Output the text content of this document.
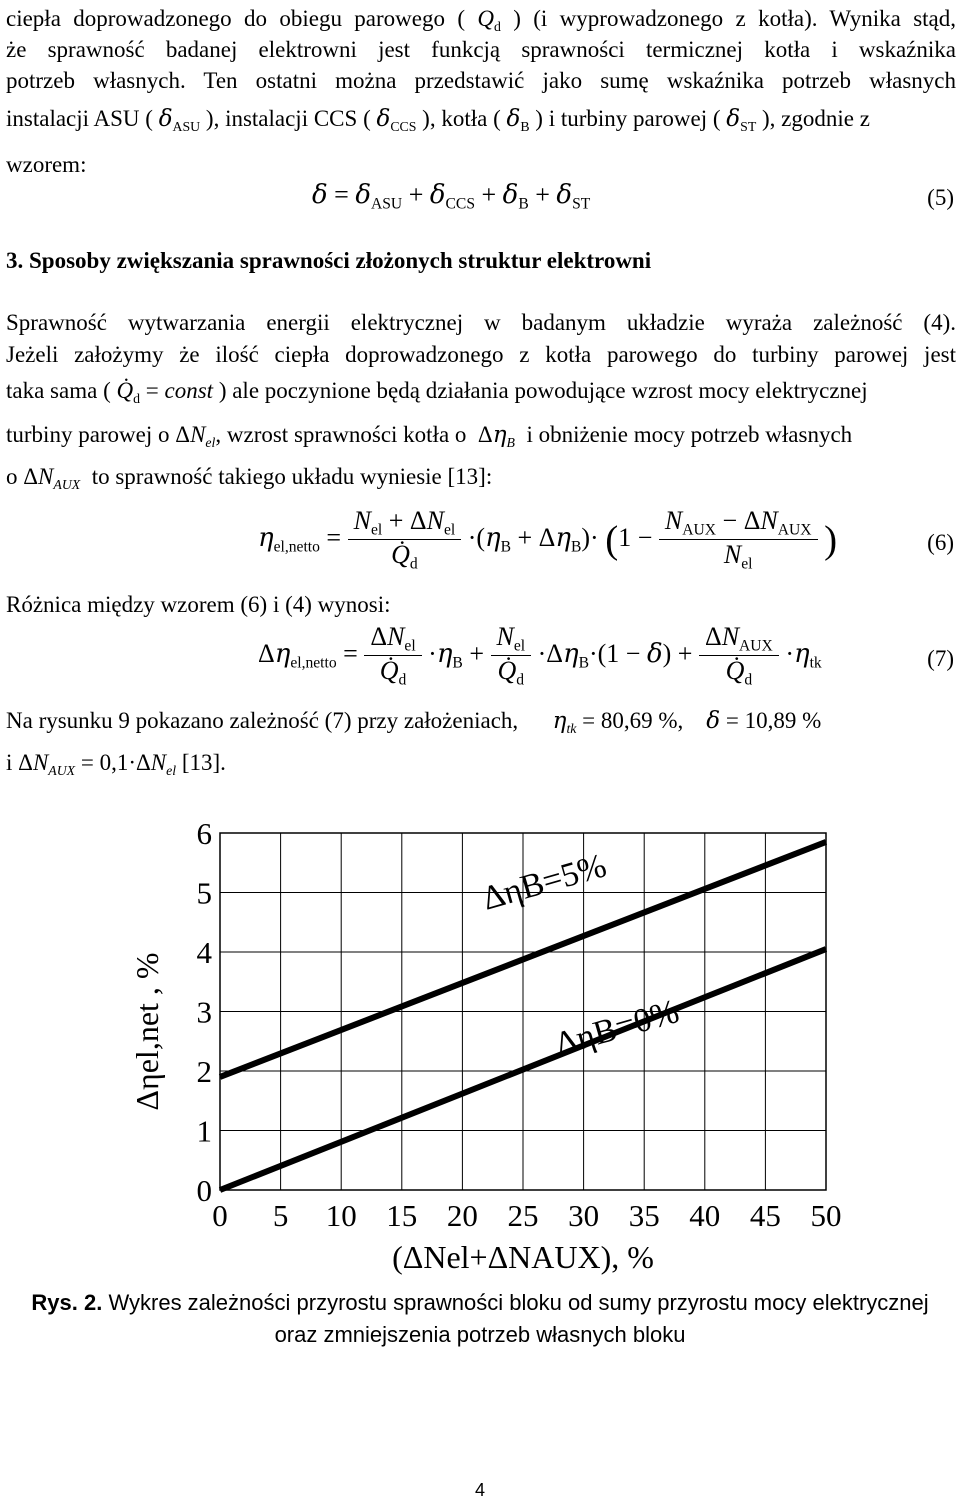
ciepła doprowadzonego do obiegu parowego ( $Q_d$ ) (i wyprowadzonego z kotła). Wynika stąd,
że sprawność badanej elektrowni jest funkcją sprawności termicznej kotła i wskaźnika
potrzeb własnych. Ten ostatni można przedstawić jako sumę wskaźnika potrzeb własnych
instalacji ASU ( $\delta_{ASU}$ ), instalacji CCS ( $\delta_{CCS}$ ), kotła ( $\delta_B$ ) i turbiny parowej ( $\delta_{ST}$ ), zgodnie z
wzorem:
$\delta = \delta_{ASU} + \delta_{CCS} + \delta_B + \delta_{ST}$	(5)
3. Sposoby zwiększania sprawności złożonych struktur elektrowni
Sprawność wytwarzania energii elektrycznej w badanym układzie wyraża zależność (4).
Jeżeli założymy że ilość ciepła doprowadzonego z kotła parowego do turbiny parowej jest
taka sama ( $Q̇_d$ = const ) ale poczynione będą działania powodujące wzrost mocy elektrycznej
turbiny parowej o $\Delta N_{el}$, wzrost sprawności kotła o  $\Delta\eta_B$ i obniżenie mocy potrzeb własnych
o $\Delta N_{AUX}$ to sprawność takiego układu wyniesie [13]:
$\eta_{el,netto} = \frac{N_{el} + \Delta N_{el}}{Q̇_d} \cdot(\eta_B + \Delta\eta_B)\cdot (1 - \frac{N_{AUX} - \Delta N_{AUX}}{N_{el}}$ )	(6)
Różnica między wzorem (6) i (4) wynosi:
$\Delta\eta_{el,netto} = \frac{\Delta N_{el}}{Q̇_d} \cdot\eta_B + \frac{N_{el}}{Q̇_d} \cdot\Delta\eta_B\cdot(1 - \delta) + \frac{\Delta N_{AUX}}{Q̇_d} \cdot\eta_{tk}$	(7)
Na rysunku 9 pokazano zależność (7) przy założeniach, $\eta_{tk} = 80,69$ %, δ = 10,89 %
i $\Delta N_{AUX} = 0,1\cdot\Delta N_{el}$ [13].
0 5 10 15 20 25 30 35 40 45 50
0
1
2
3
4
5
6
(ΔNel+ΔNAUX), %
Δηel,net , %
ΔηB=5%
ΔηB=0%
Rys. 2. Wykres zależności przyrostu sprawności bloku od sumy przyrostu mocy elektrycznej
oraz zmniejszenia potrzeb własnych bloku
4
